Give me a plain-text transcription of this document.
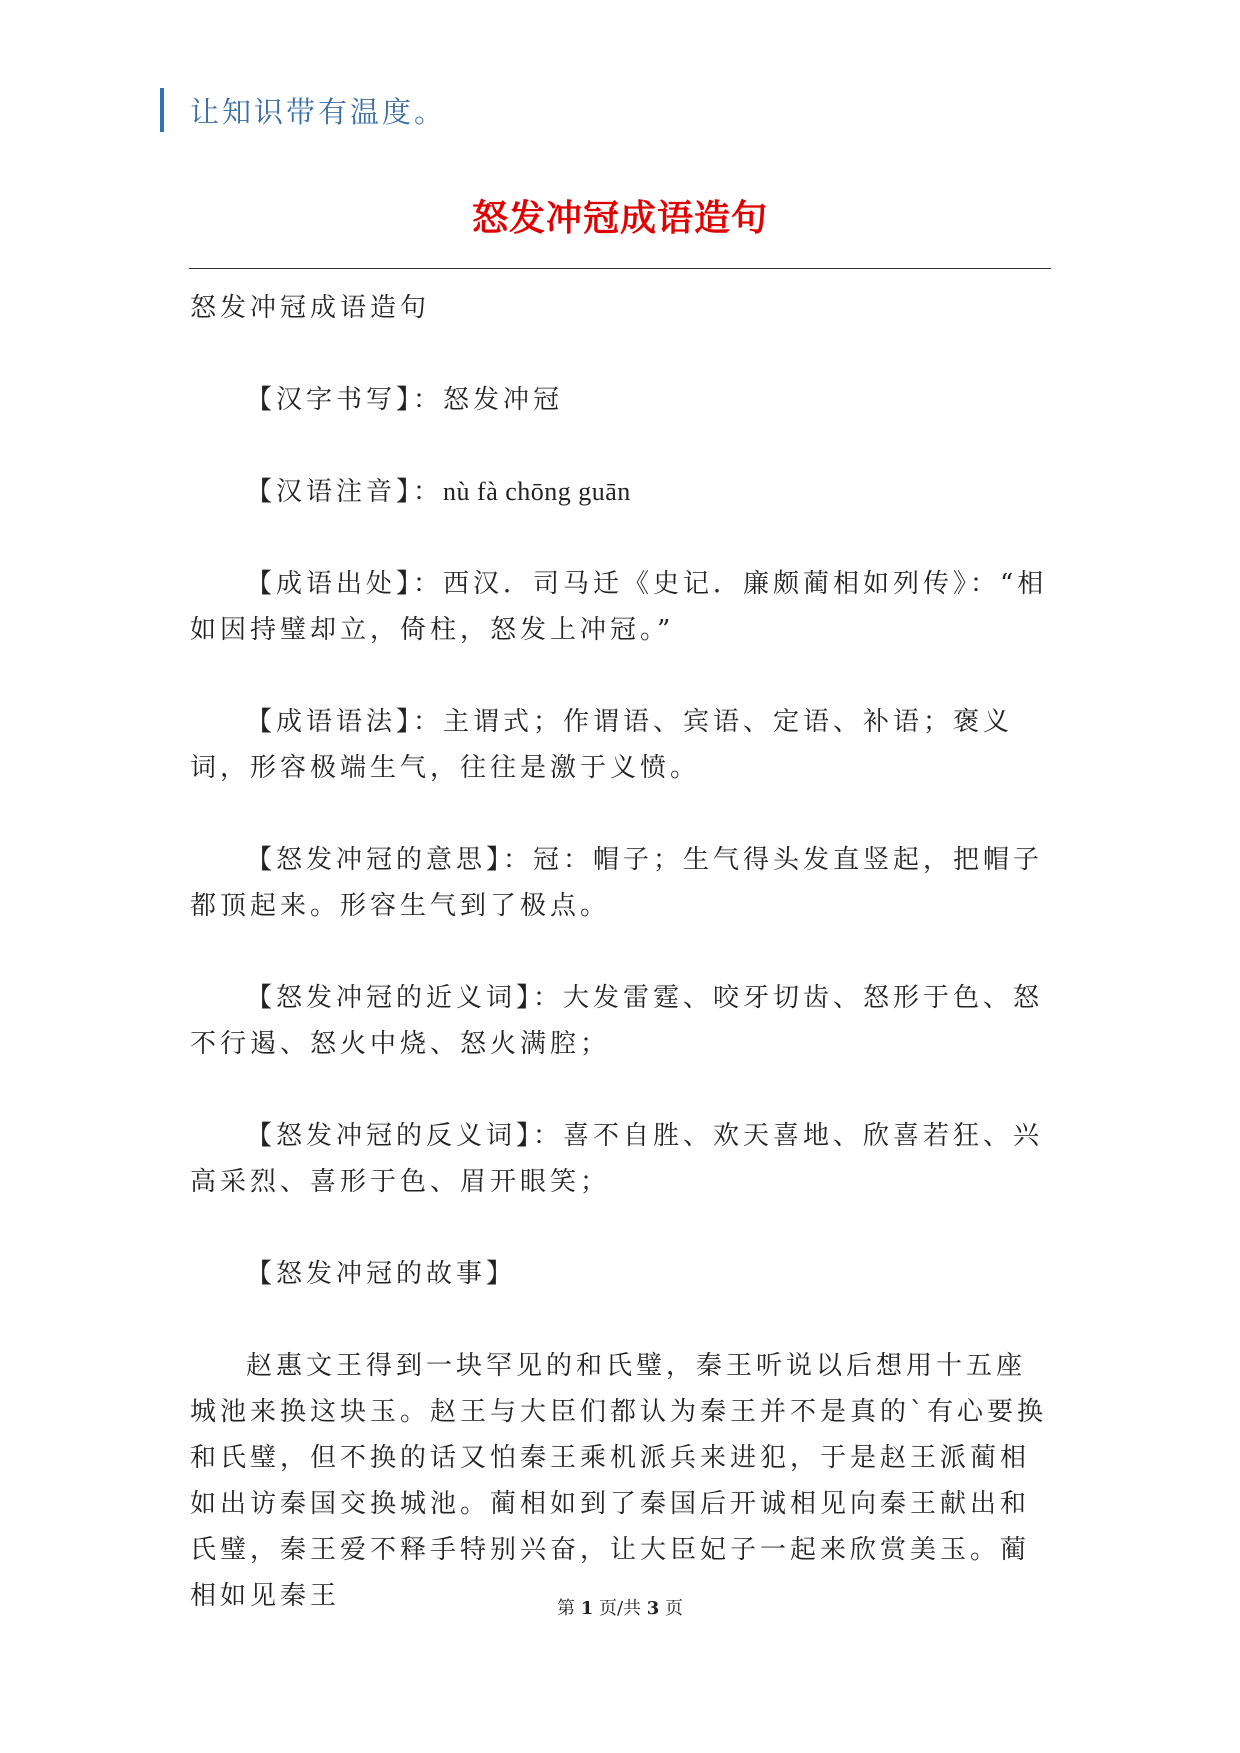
让知识带有温度。
怒发冲冠成语造句

怒发冲冠成语造句

【汉字书写】：怒发冲冠

【汉语注音】：nù fà chōng guān

【成语出处】：西汉．司马迁《史记．廉颇蔺相如列传》：“相如因持璧却立，倚柱，怒发上冲冠。”

【成语语法】：主谓式；作谓语、宾语、定语、补语；褒义词，形容极端生气，往往是激于义愤。

【怒发冲冠的意思】：冠：帽子；生气得头发直竖起，把帽子都顶起来。形容生气到了极点。

【怒发冲冠的近义词】：大发雷霆、咬牙切齿、怒形于色、怒不行遏、怒火中烧、怒火满腔；

【怒发冲冠的反义词】：喜不自胜、欢天喜地、欣喜若狂、兴高采烈、喜形于色、眉开眼笑；

【怒发冲冠的故事】

赵惠文王得到一块罕见的和氏璧，秦王听说以后想用十五座城池来换这块玉。赵王与大臣们都认为秦王并不是真的`有心要换和氏璧，但不换的话又怕秦王乘机派兵来进犯，于是赵王派蔺相如出访秦国交换城池。蔺相如到了秦国后开诚相见向秦王献出和氏璧，秦王爱不释手特别兴奋，让大臣妃子一起来欣赏美玉。蔺相如见秦王	第 1 页/共 3 页
